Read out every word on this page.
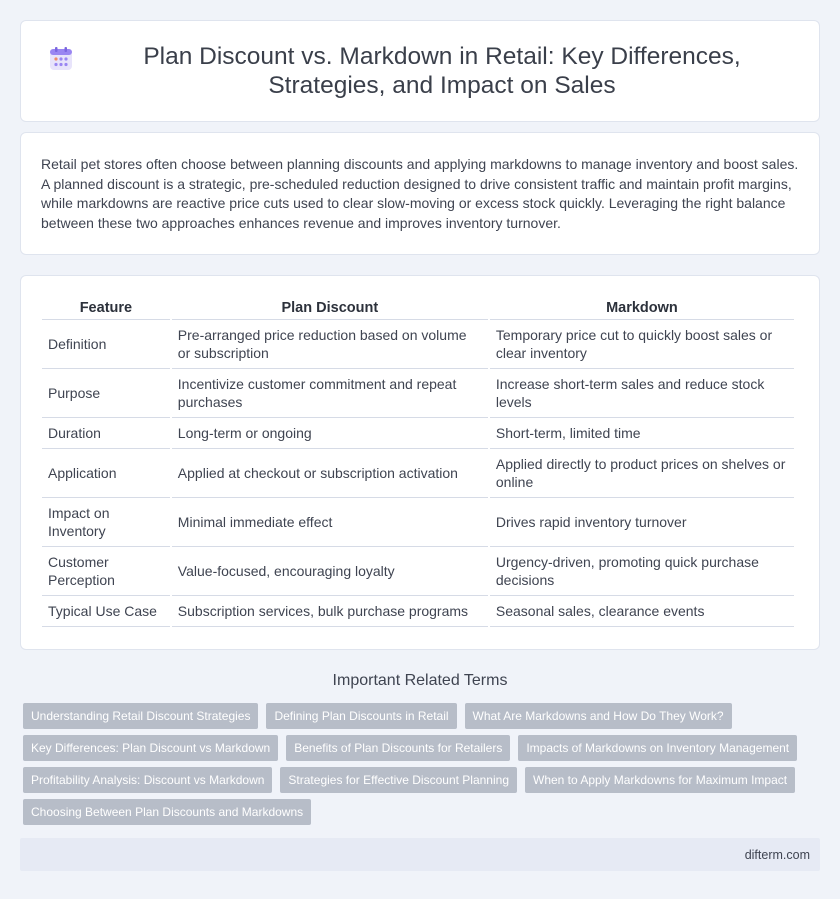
Plan Discount vs. Markdown in Retail: Key Differences, Strategies, and Impact on Sales

Retail pet stores often choose between planning discounts and applying markdowns to manage inventory and boost sales. A planned discount is a strategic, pre-scheduled reduction designed to drive consistent traffic and maintain profit margins, while markdowns are reactive price cuts used to clear slow-moving or excess stock quickly. Leveraging the right balance between these two approaches enhances revenue and improves inventory turnover.

Feature	Plan Discount	Markdown
Definition	Pre-arranged price reduction based on volume or subscription	Temporary price cut to quickly boost sales or clear inventory
Purpose	Incentivize customer commitment and repeat purchases	Increase short-term sales and reduce stock levels
Duration	Long-term or ongoing	Short-term, limited time
Application	Applied at checkout or subscription activation	Applied directly to product prices on shelves or online
Impact on Inventory	Minimal immediate effect	Drives rapid inventory turnover
Customer Perception	Value-focused, encouraging loyalty	Urgency-driven, promoting quick purchase decisions
Typical Use Case	Subscription services, bulk purchase programs	Seasonal sales, clearance events
Important Related Terms
Understanding Retail Discount Strategies	Defining Plan Discounts in Retail	What Are Markdowns and How Do They Work?
Key Differences: Plan Discount vs Markdown	Benefits of Plan Discounts for Retailers	Impacts of Markdowns on Inventory Management
Profitability Analysis: Discount vs Markdown	Strategies for Effective Discount Planning	When to Apply Markdowns for Maximum Impact
Choosing Between Plan Discounts and Markdowns
difterm.com
